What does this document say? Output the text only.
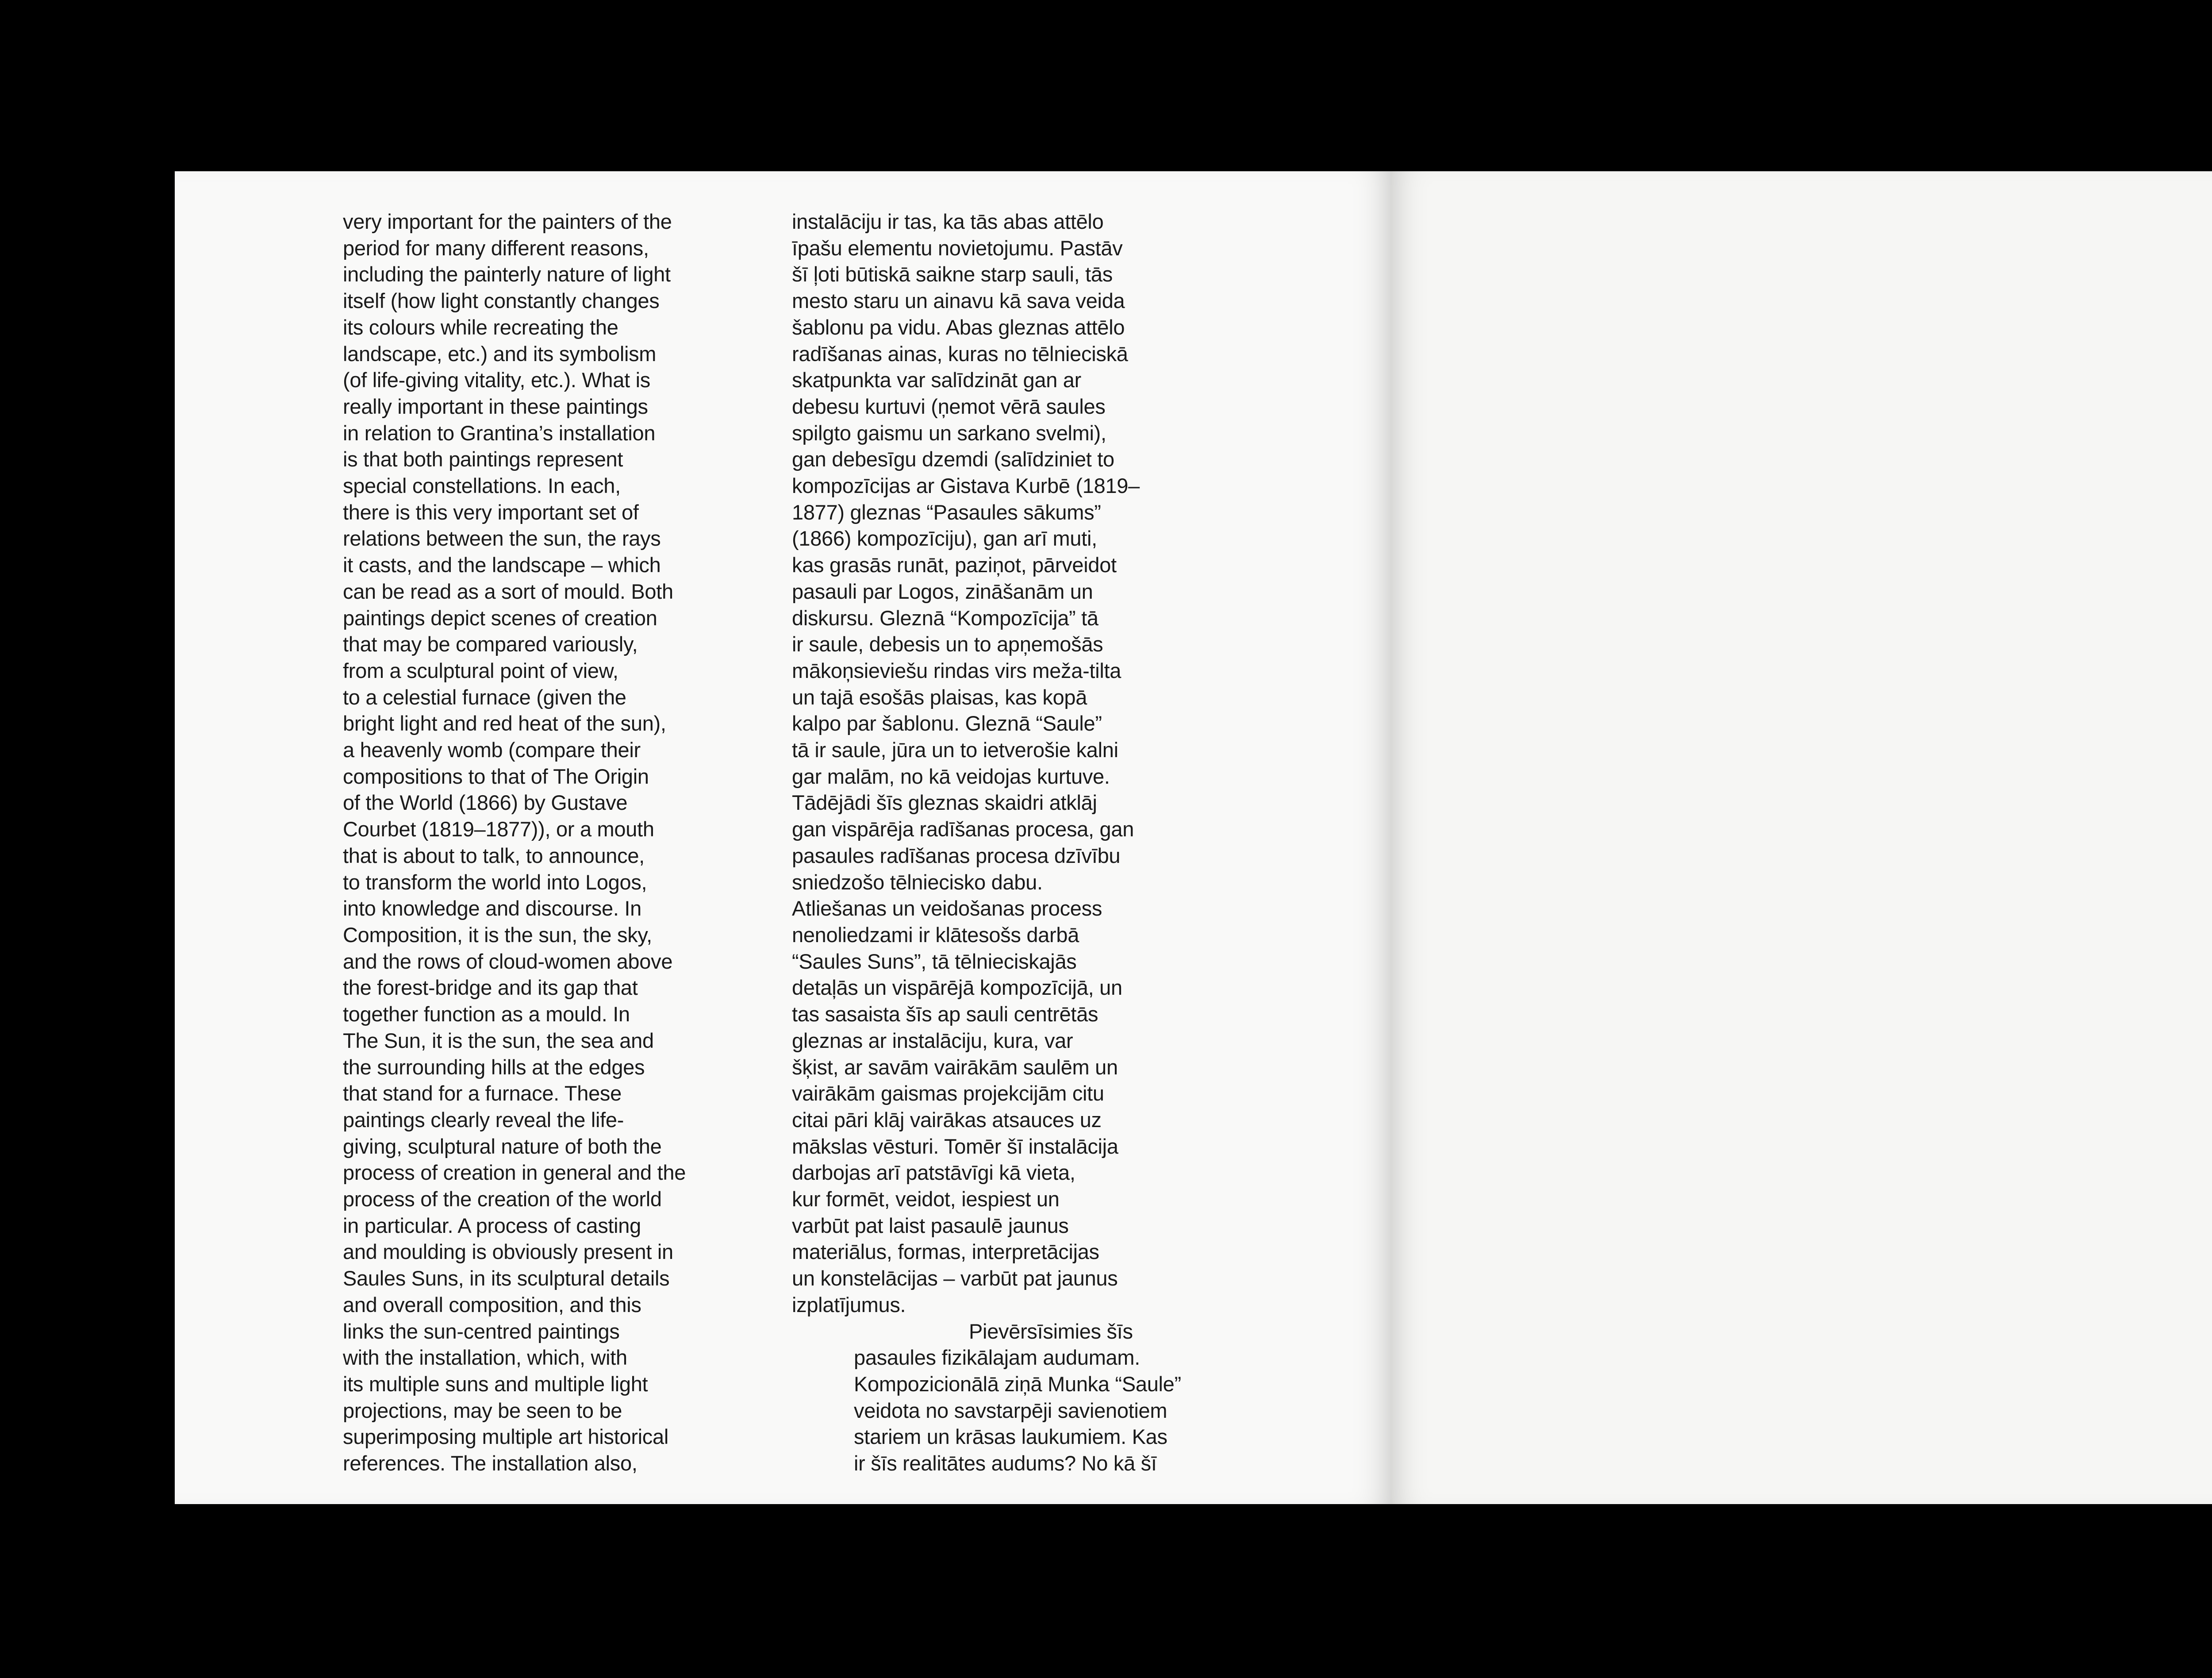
very important for the painters of the

period for many different reasons,

including the painterly nature of light

itself (how light constantly changes

its colours while recreating the

landscape, etc.) and its symbolism

(of life-giving vitality, etc.). What is

really important in these paintings

in relation to Grantina’s installation

is that both paintings represent

special constellations. In each,

there is this very important set of

relations between the sun, the rays

it casts, and the landscape – which

can be read as a sort of mould. Both

paintings depict scenes of creation

that may be compared variously,

from a sculptural point of view,

to a celestial furnace (given the

bright light and red heat of the sun),

a heavenly womb (compare their

compositions to that of The Origin

of the World (1866) by Gustave

Courbet (1819–1877)), or a mouth

that is about to talk, to announce,

to transform the world into Logos,

into knowledge and discourse. In

Composition, it is the sun, the sky,

and the rows of cloud-women above

the forest-bridge and its gap that

together function as a mould. In

The Sun, it is the sun, the sea and

the surrounding hills at the edges

that stand for a furnace. These

paintings clearly reveal the life-

giving, sculptural nature of both the

process of creation in general and the

process of the creation of the world

in particular. A process of casting

and moulding is obviously present in

Saules Suns, in its sculptural details

and overall composition, and this

links the sun-centred paintings

with the installation, which, with

its multiple suns and multiple light

projections, may be seen to be

superimposing multiple art historical

references. The installation also,

instalāciju ir tas, ka tās abas attēlo

īpašu elementu novietojumu. Pastāv

šī ļoti būtiskā saikne starp sauli, tās

mesto staru un ainavu kā sava veida

šablonu pa vidu. Abas gleznas attēlo

radīšanas ainas, kuras no tēlnieciskā

skatpunkta var salīdzināt gan ar

debesu kurtuvi (ņemot vērā saules

spilgto gaismu un sarkano svelmi),

gan debesīgu dzemdi (salīdziniet to

kompozīcijas ar Gistava Kurbē (1819–

1877) gleznas “Pasaules sākums”

(1866) kompozīciju), gan arī muti,

kas grasās runāt, paziņot, pārveidot

pasauli par Logos, zināšanām un

diskursu. Gleznā “Kompozīcija” tā

ir saule, debesis un to apņemošās

mākoņsieviešu rindas virs meža-tilta

un tajā esošās plaisas, kas kopā

kalpo par šablonu. Gleznā “Saule”

tā ir saule, jūra un to ietverošie kalni

gar malām, no kā veidojas kurtuve.

Tādējādi šīs gleznas skaidri atklāj

gan vispārēja radīšanas procesa, gan

pasaules radīšanas procesa dzīvību

sniedzošo tēlniecisko dabu.

Atliešanas un veidošanas process

nenoliedzami ir klātesošs darbā

“Saules Suns”, tā tēlnieciskajās

detaļās un vispārējā kompozīcijā, un

tas sasaista šīs ap sauli centrētās

gleznas ar instalāciju, kura, var

šķist, ar savām vairākām saulēm un

vairākām gaismas projekcijām citu

citai pāri klāj vairākas atsauces uz

mākslas vēsturi. Tomēr šī instalācija

darbojas arī patstāvīgi kā vieta,

kur formēt, veidot, iespiest un

varbūt pat laist pasaulē jaunus

materiālus, formas, interpretācijas

un konstelācijas – varbūt pat jaunus

izplatījumus.

Pievērsīsimies šīs

pasaules fizikālajam audumam.

Kompozicionālā ziņā Munka “Saule”

veidota no savstarpēji savienotiem

stariem un krāsas laukumiem. Kas

ir šīs realitātes audums? No kā šī
